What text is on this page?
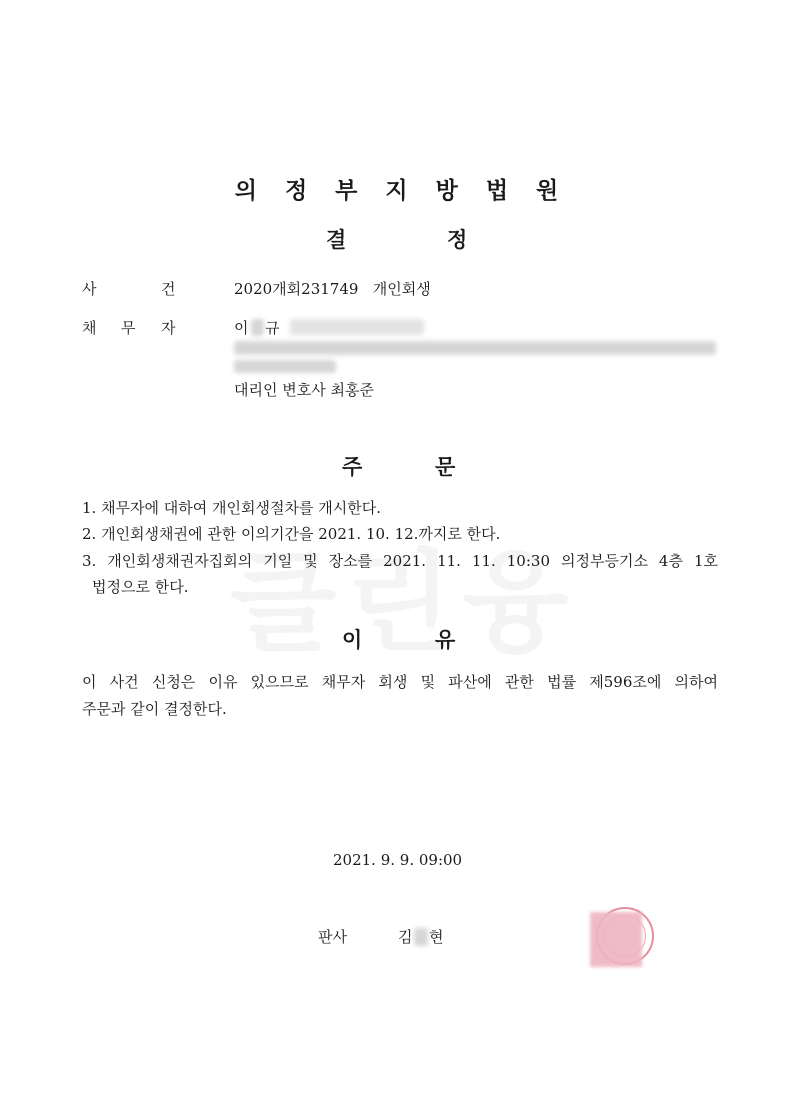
의정부지방법원
결	정
사	건	2020개회231749   개인회생
채 무 자	이 규
대리인 변호사 최홍준
주	문
1. 채무자에 대하여 개인회생절차를 개시한다.
2. 개인회생채권에 관한 이의기간을 2021. 10. 12.까지로 한다.
3. 개인회생채권자집회의 기일 및 장소를 2021. 11. 11. 10:30 의정부등기소 4층 1호
법정으로 한다.
이	유
이 사건 신청은 이유 있으므로 채무자 회생 및 파산에 관한 법률 제596조에 의하여
주문과 같이 결정한다.
2021. 9. 9. 09:00
판사	김 현
